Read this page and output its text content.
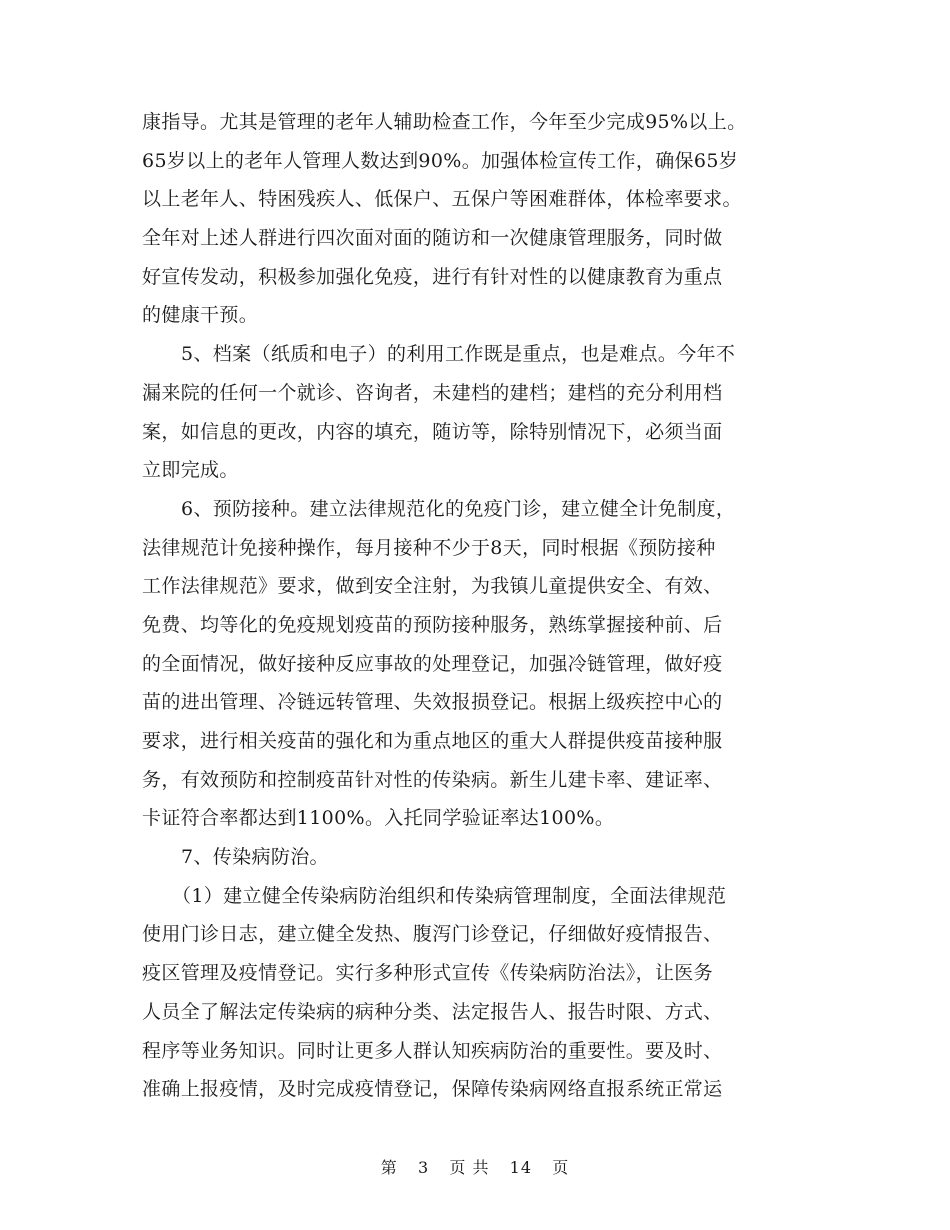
康指导。尤其是管理的老年人辅助检查工作，今年至少完成95%以上。
65岁以上的老年人管理人数达到90%。加强体检宣传工作，确保65岁
以上老年人、特困残疾人、低保户、五保户等困难群体，体检率要求。
全年对上述人群进行四次面对面的随访和一次健康管理服务，同时做
好宣传发动，积极参加强化免疫，进行有针对性的以健康教育为重点
的健康干预。
5、档案（纸质和电子）的利用工作既是重点，也是难点。今年不
漏来院的任何一个就诊、咨询者，未建档的建档；建档的充分利用档
案，如信息的更改，内容的填充，随访等，除特别情况下，必须当面
立即完成。
6、预防接种。建立法律规范化的免疫门诊，建立健全计免制度，
法律规范计免接种操作，每月接种不少于8天，同时根据《预防接种
工作法律规范》要求，做到安全注射，为我镇儿童提供安全、有效、
免费、均等化的免疫规划疫苗的预防接种服务，熟练掌握接种前、后
的全面情况，做好接种反应事故的处理登记，加强冷链管理，做好疫
苗的进出管理、冷链远转管理、失效报损登记。根据上级疾控中心的
要求，进行相关疫苗的强化和为重点地区的重大人群提供疫苗接种服
务，有效预防和控制疫苗针对性的传染病。新生儿建卡率、建证率、
卡证符合率都达到1100%。入托同学验证率达100%。
7、传染病防治。
（1）建立健全传染病防治组织和传染病管理制度，全面法律规范
使用门诊日志，建立健全发热、腹泻门诊登记，仔细做好疫情报告、
疫区管理及疫情登记。实行多种形式宣传《传染病防治法》，让医务
人员全了解法定传染病的病种分类、法定报告人、报告时限、方式、
程序等业务知识。同时让更多人群认知疾病防治的重要性。要及时、
准确上报疫情，及时完成疫情登记，保障传染病网络直报系统正常运
第 3 页 共 14 页
